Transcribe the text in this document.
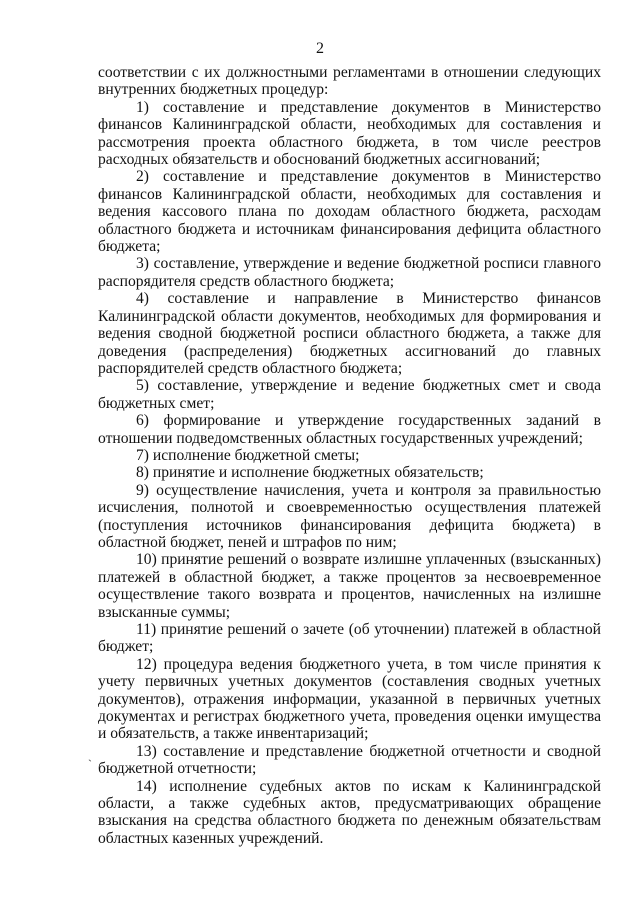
2

соответствии с их должностными регламентами в отношении следующих внутренних бюджетных процедур:

1) составление и представление документов в Министерство финансов Калининградской области, необходимых для составления и рассмотрения проекта областного бюджета, в том числе реестров расходных обязательств и обоснований бюджетных ассигнований;

2) составление и представление документов в Министерство финансов Калининградской области, необходимых для составления и ведения кассового плана по доходам областного бюджета, расходам областного бюджета и источникам финансирования дефицита областного бюджета;

3) составление, утверждение и ведение бюджетной росписи главного распорядителя средств областного бюджета;

4) составление и направление в Министерство финансов Калининградской области документов, необходимых для формирования и ведения сводной бюджетной росписи областного бюджета, а также для доведения (распределения) бюджетных ассигнований до главных распорядителей средств областного бюджета;

5) составление, утверждение и ведение бюджетных смет и свода бюджетных смет;

6) формирование и утверждение государственных заданий в отношении подведомственных областных государственных учреждений;

7) исполнение бюджетной сметы;

8) принятие и исполнение бюджетных обязательств;

9) осуществление начисления, учета и контроля за правильностью исчисления, полнотой и своевременностью осуществления платежей (поступления источников финансирования дефицита бюджета) в областной бюджет, пеней и штрафов по ним;

10) принятие решений о возврате излишне уплаченных (взысканных) платежей в областной бюджет, а также процентов за несвоевременное осуществление такого возврата и процентов, начисленных на излишне взысканные суммы;

11) принятие решений о зачете (об уточнении) платежей в областной бюджет;

12) процедура ведения бюджетного учета, в том числе принятия к учету первичных учетных документов (составления сводных учетных документов), отражения информации, указанной в первичных учетных документах и регистрах бюджетного учета, проведения оценки имущества и обязательств, а также инвентаризаций;

13) составление и представление бюджетной отчетности и сводной бюджетной отчетности;

14) исполнение судебных актов по искам к Калининградской области, а также судебных актов, предусматривающих обращение взыскания на средства областного бюджета по денежным обязательствам областных казенных учреждений.

`
